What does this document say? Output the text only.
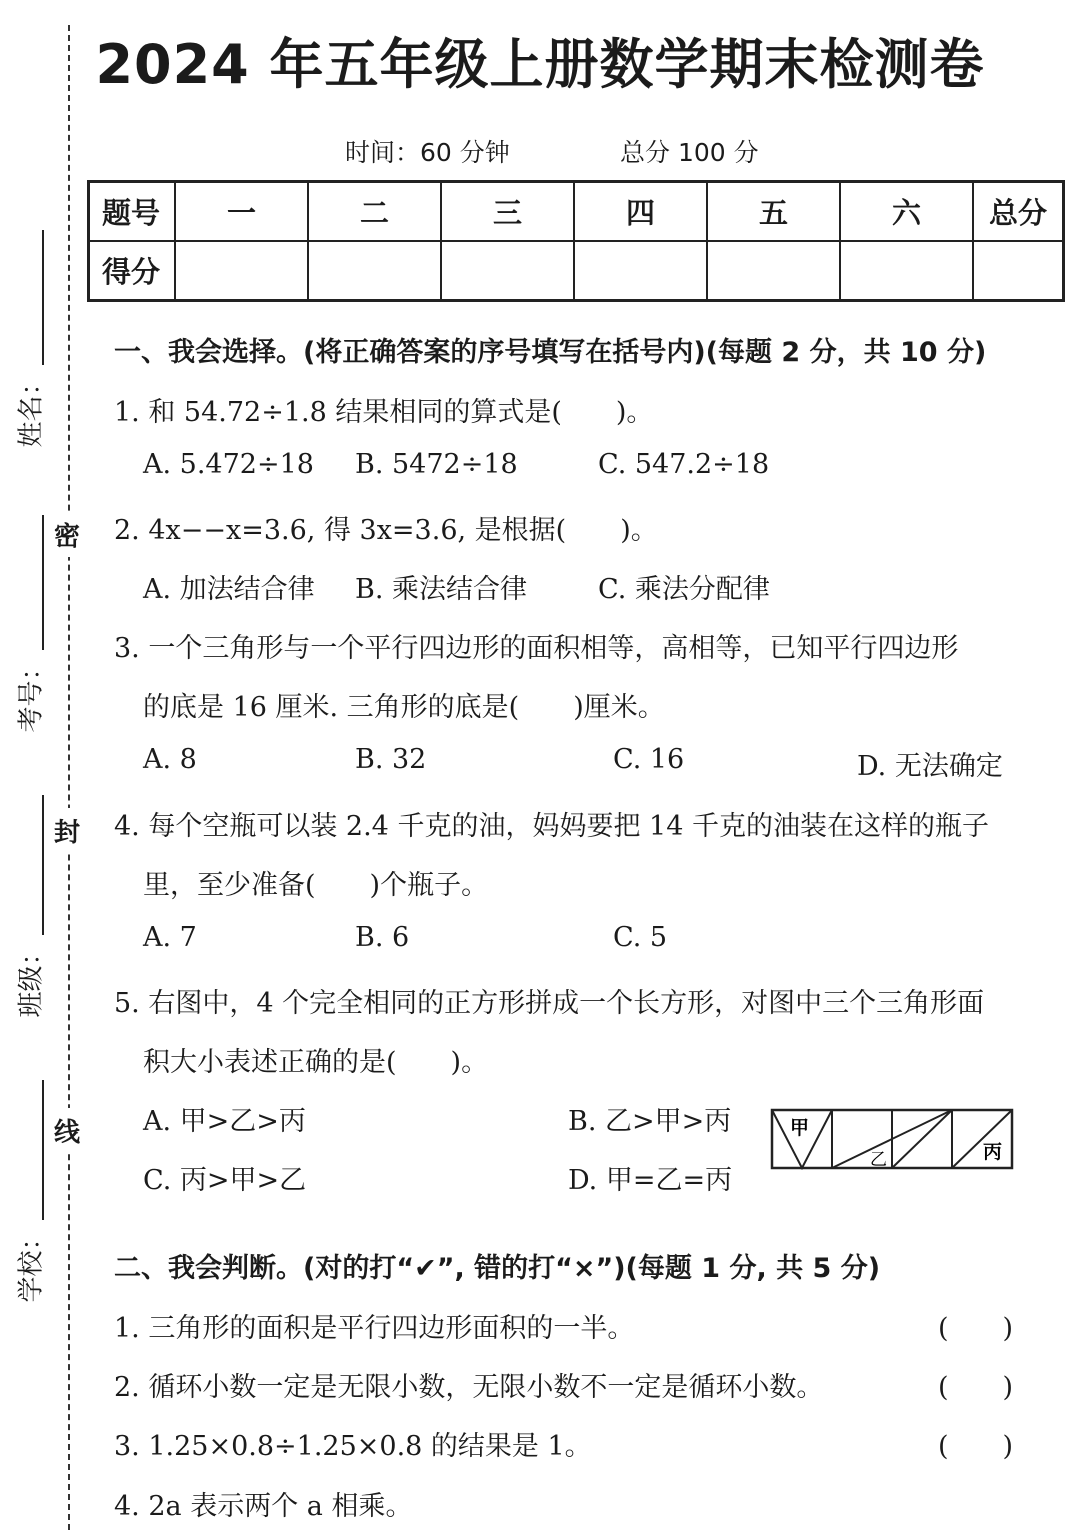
姓名：
考号：
班级：
学校：
密
封
线
2024 年五年级上册数学期末检测卷
时间：60 分钟	总分 100 分
题号	一	二	三	四	五	六	总分
得分							
一、我会选择。(将正确答案的序号填写在括号内)(每题 2 分，共 10 分)
1. 和 54.72÷1.8 结果相同的算式是(　　)。
A. 5.472÷18 B. 5472÷18	C. 547.2÷18
2. 4x−−x=3.6, 得 3x=3.6, 是根据(　　)。
A. 加法结合律 B. 乘法结合律	C. 乘法分配律
3. 一个三角形与一个平行四边形的面积相等，高相等，已知平行四边形
的底是 16 厘米. 三角形的底是(　　)厘米。
A. 8	B. 32	C. 16	D. 无法确定
4. 每个空瓶可以装 2.4 千克的油，妈妈要把 14 千克的油装在这样的瓶子
里，至少准备(　　)个瓶子。
A. 7	B. 6	C. 5
5. 右图中，4 个完全相同的正方形拼成一个长方形，对图中三个三角形面
积大小表述正确的是(　　)。
A. 甲>乙>丙	B. 乙>甲>丙
C. 丙>甲>乙	D. 甲=乙=丙
甲
乙	丙
二、我会判断。(对的打“✔”, 错的打“×”)(每题 1 分, 共 5 分)
1. 三角形的面积是平行四边形面积的一半。	(　　)
2. 循环小数一定是无限小数，无限小数不一定是循环小数。	(　　)
3. 1.25×0.8÷1.25×0.8 的结果是 1。	(　　)
4. 2a 表示两个 a 相乘。
